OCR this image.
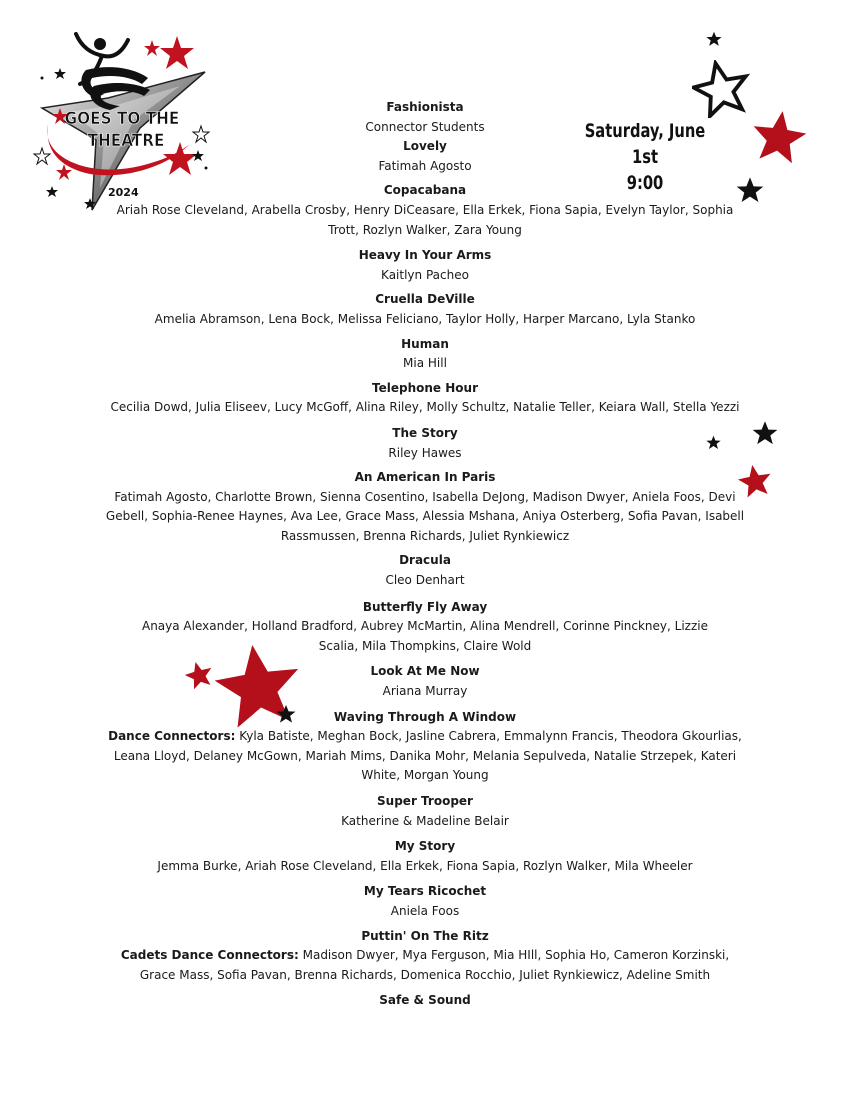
GOES TO THE
THEATRE
2024
Saturday, June 1st
9:00
Fashionista
Connector Students
Lovely
Fatimah Agosto
Copacabana
Ariah Rose Cleveland, Arabella Crosby, Henry DiCeasare, Ella Erkek, Fiona Sapia, Evelyn Taylor, Sophia Trott, Rozlyn Walker, Zara Young
Heavy In Your Arms
Kaitlyn Pacheo
Cruella DeVille
Amelia Abramson, Lena Bock, Melissa Feliciano, Taylor Holly, Harper Marcano, Lyla Stanko
Human
Mia Hill
Telephone Hour
Cecilia Dowd, Julia Eliseev, Lucy McGoff, Alina Riley, Molly Schultz, Natalie Teller, Keiara Wall, Stella Yezzi
The Story
Riley Hawes
An American In Paris
Fatimah Agosto, Charlotte Brown, Sienna Cosentino, Isabella DeJong, Madison Dwyer, Aniela Foos, Devi Gebell, Sophia-Renee Haynes, Ava Lee, Grace Mass, Alessia Mshana, Aniya Osterberg, Sofia Pavan, Isabell Rassmussen, Brenna Richards, Juliet Rynkiewicz
Dracula
Cleo Denhart
Butterfly Fly Away
Anaya Alexander, Holland Bradford, Aubrey McMartin, Alina Mendrell, Corinne Pinckney, Lizzie Scalia, Mila Thompkins, Claire Wold
Look At Me Now
Ariana Murray
Waving Through A Window
Dance Connectors: Kyla Batiste, Meghan Bock, Jasline Cabrera, Emmalynn Francis, Theodora Gkourlias, Leana Lloyd, Delaney McGown, Mariah Mims, Danika Mohr, Melania Sepulveda, Natalie Strzepek, Kateri White, Morgan Young
Super Trooper
Katherine & Madeline Belair
My Story
Jemma Burke, Ariah Rose Cleveland, Ella Erkek, Fiona Sapia, Rozlyn Walker, Mila Wheeler
My Tears Ricochet
Aniela Foos
Puttin' On The Ritz
Cadets Dance Connectors: Madison Dwyer, Mya Ferguson, Mia HIll, Sophia Ho, Cameron Korzinski, Grace Mass, Sofia Pavan, Brenna Richards, Domenica Rocchio, Juliet Rynkiewicz, Adeline Smith
Safe & Sound
